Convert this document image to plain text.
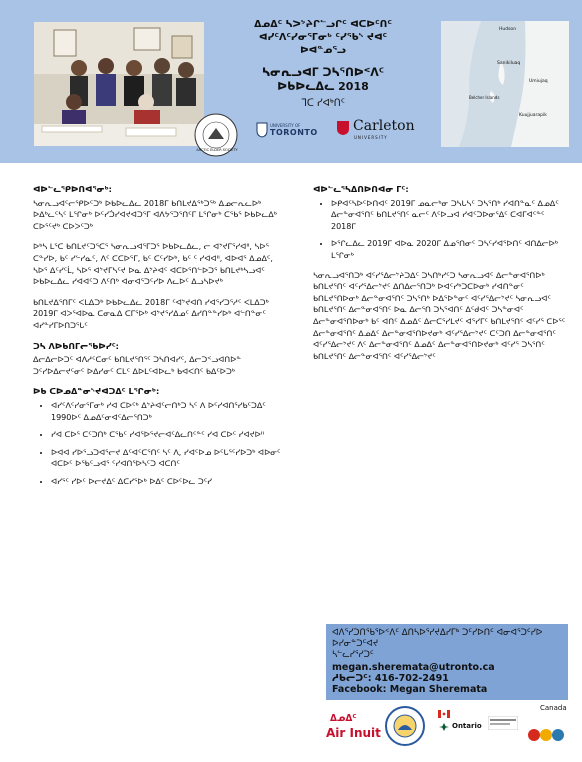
ᐃᓄᐃᑦ ᓴᐳᔾᔨᒋᓪᓗᒋᑦ ᐊᑕᐅᑦᑎᑦ
ᐊᓯᑦᐱᑦᓯᓂᕐᒥᓂᒃ ᑦᓯᖃᔅ ᔪᐊᑦ
ᐅᐊᓐᓄᕐᓗ
ᓴᓂᕆᓗᐊᒥ ᑐᓴᕐᑎᐅᑉᐱᑦ
ᐅᑲᐅᓚᐃᓚ 2018
ᒣᑕ ᓯᐊᒃᑎᑦ
ARCTIC ELDER SOCIETY
UNIVERSITY OF
TORONTO	Carleton
UNIVERSITY
Hudson
Sanikiluaq
Belcher Islands
Kuujjuarapik
Umiujaq
ᐊᐅᓪᓚᕐᑭᐅᑎᐊᕐᓂᒃ:

ᓴᓂᕆᓗᐊᑦᓕᕐᑭᐅᑦᑐᒃ ᐅᑲᐅᓚᐃᓚ 2018ᒥ ᑲᑎᒪᔪᐃᕐᒃᑐᕐᒃ ᐃᓄᓕᕆᓚᐅᒃ ᐅᐃᒃᓚᑦᓴᑦ ᒪᕐᒋᓂᒃ ᐅᑦᓯᑑᓯᐊᔪᐊᑐᕐᒥ ᐊᐱᔭᕐᑐᕐᑎᑦᒥ ᒪᕐᒋᓂᒃ ᑕᕐᑲᕐ ᐅᑲᐅᓚᐃᒃ ᑕᐅᕐᑦᔪᒃ ᑕᐅᐳᑦᑐᒃ

ᐅᒃᓴ ᒪᕐᑕ ᑲᑎᒪᔪᑦᑐᕐᑕᕐ ᓴᓂᕆᓗᐊᕐᒥᑐᕐ ᐅᑲᐅᓚᐃᓚ, ᓕ ᐊᔾᔪᒥᕐᓯᐊᐦ, ᓴᐅᕐ ᑕᓐᓯᐅ, ᑲᑦ ᓯᓪᓯᓇᑦ, ᐱᑦ ᑕᑕᐅᕐᒥ, ᑲᑦ ᑕᑦᓯᐅᒃ, ᑲᑦ ᑦ ᓯᐊᐊᐦ, ᐊᐅᐊᕐ ᐃᓄᐃᑦ, ᓴᐅᕐ ᐃᑦᓯᑦᒫ, ᓴᐅᕐ ᐊᔾᔪᒥᓴᑦᔪ ᐅᓇ ᐃᔾᔨᐊᑦ ᐊᑕᐅᕐᑎᓪᐅᑐᕐ ᑲᑎᒪᔪᒃᓴᓗᐊᑦ ᐅᑲᐅᓚᐃᓚ ᓯᐊᐊᑦᑐ ᐱᑦᑎᒃ ᐊᓂᐊᕐᑐᑦᓯᐅ ᐱᓚᐅᑦ ᐃᓗᓴᐅᔪᒃ

ᑲᑎᒪᔪᐃᕐᑎᒥᑦ ᐸᒪᐃᑐᒃ ᐅᑲᐅᓚᐃᓚ 2018ᒥ ᑦᐊᔾᔪᐊᑎ ᓯᐊᕐᓯᑐᕐᓱᑦ ᐸᒪᐃᑐᒃ 2019ᒥ ᐊᐳᕐᐊᐅᓇ ᑕᓂᓇᐃ ᑕᒥᕐᐅᒃ ᐊᔾᔪᕐᓯᐃᓄᑦ ᐃᓯᑎᓐᓐᓯᐅᒃ ᐊᓪᑎᓐᓂᑦ ᐊᓯᓐᓯᒥᐅᑎᑐᕐᒐᑦ

ᑐᓴ ᐱᐅᑲᑎᒥᓕᕐᑲᐅᓯᑦ:

ᐃᓕᐃᓕᐅᑐᑦ ᐊᐱᓱᑦᑕᓂᑦ ᑲᑎᒪᔪᕐᑎᕐᑦ ᑐᓴᑎᐊᓯᑦ, ᐃᓕᑐᑉᓗᐊᑎᐅᓐ ᑐᑦᓯᐅᐃᓕᔪᑦᓂᑦ ᐅᐃᓯᓂᑦ ᑕᒪᑦ ᐃᐅᒪᑦᐊᐅᓚᒃ ᑲᐊᐸᑎᑦ ᑲᐃᑦᐅᑐᒃ

ᐅᑲ ᑕᐅᓄᐃᓐᓂᔅᔪᐊᑐᐃᑦ ᒪᕐᒋᓂᒃ:
• ᐊᓯᑦᐱᑦᓯᓂᕐᒥᓂᒃ ᓯᐊ ᑕᐅᑦᒃ ᐃᔾᔨᐊᑦᓕᑎᒃᑐ ᓴᑦ ᐱ ᐅᑦᓯᐊᑎᕐᓯᑲᑦᑐᐃᑦ 1990ᐅᑦ ᐃᓄᐃᑦᓂᐊᑦᐃᓕᕐᑎᑐᒃ
• ᓯᐊ ᑕᐅᕐ ᑕᑦᑐᑎᒃ ᑕᕐᑲᑦ ᓯᐊᕐᐅᕐᔪᓕᐊᑦᐃᓚᑎᑦᓐᑦ ᓯᐊ ᑕᐅᑦ ᓯᐊᔪᐅᐦ
• ᐅᐊᐊ ᓯᐅᕐᓗᑐᐊᕐᓕᔪ ᐃᑦᐊᑦᑕᕐᑎᑦ ᓴᑦ ᐱ, ᓯᐊᑦᐅᓄ ᐅᑦᒐᕐᑦᓯᐅᑐᒃ ᐊᐅᓂᑦ ᐊᑕᐅᑦ ᐅᕐᑲᑦᓗᐊᕐ ᑦᓯᐊᑎᕐᐅᓴᑦᑐ ᐊᑕᑎᑦ
• ᐊᓯᕐᑦ ᓯᐅᑦ ᐅᓕᔪᐃᑦ ᐃᑕᓯᕐᐅᒃ ᐅᐃᑦ ᑕᐅᑦᐅᓚ ᑐᑦᓯ
ᐊᐅᓪᓚᕐᓴᐃᑎᐅᑎᐊᓂ ᒥᑦ:
• ᐅᑭᐊᑦᓴᐅᑦᐅᑎᐊᑦ 2019ᒥ ᓄᓇᓕᒃᓂ ᑐᓴᒐᓴᑦ ᑐᓴᕐᑎᒃ ᓯᐊᑎᓐᓇᑦ ᐃᓄᐃᑦ ᐃᓕᓐᓂᐊᕐᑎᑦ ᑲᑎᒪᔪᕐᑎᑦ ᓇᓕᑦ ᐱᑦᐅᓗᐊ ᓯᐊᑦᑐᐅᓂᕐᐃᑦ ᑕᐊᒥᐊᑦᓐᑦ 2018ᒥ
• ᐅᕐᒋᓚᐃᓚ 2019ᒥ ᐊᐅᓇ 2020ᒥ ᐃᓄᕐᑎᓂᑦ ᑐᓴᑦᓯᐊᕐᐅᑎᑦ ᐊᑎᐃᓕᐅᒃ ᒪᕐᒋᓂᒃ

ᓴᓂᕆᓗᐊᕐᑎᑐᒃ ᐊᑦᓯᕐᐃᓕᔾᔨᑐᐃᑦ ᑐᓴᑎᒃᓯᑦᑐ ᓴᓂᕆᓗᐊᑦ ᐃᓕᓐᓂᐊᕐᑎᐅᒃ ᑲᑎᒪᔪᕐᑎᑦ ᐊᑦᓯᕐᐃᓕᔾᔪᑦ ᐃᑎᐃᓕᕐᑎᑐᒃ ᐅᐊᑦᓯᒃᑐᑕᐅᓂᒃ ᓯᐊᑎᓐᓂᑦ ᑲᑎᒪᔪᕐᑎᐅᓂᒃ ᐃᓕᓐᓂᐊᕐᑎᑦ ᑐᓴᕐᑎᒃ ᐅᐃᕐᐅᓐᓂᑦ ᐊᑦᓯᕐᐃᓕᔾᔪᑦ ᓴᓂᕆᓗᐊᑦ ᑲᑎᒪᔪᕐᑎᑦ ᐃᓕᓐᓂᐊᕐᑎᑦ ᐅᓇ ᐃᓕᕐᑎ ᑐᓴᕐᐊᑎᑦ ᐃᑦᑯᐊᑦ ᑐᓴᓐᓂᐊᑦ ᐃᓕᓐᓂᐊᕐᑎᐅᓂᒃ ᑲᑦ ᐊᑎᑦ ᐃᓄᐃᑦ ᐃᓕᑕᕐᓯᒪᔪᑦ ᐊᕐᓯᒥᑦ ᑲᑎᒪᔪᕐᑎᑦ ᐊᑦᓯᕐ ᑕᐅᕐᑦ ᐃᓕᓐᓂᐊᕐᑎᑦ ᐃᓄᐃᑦ ᐃᓕᓐᓂᐊᕐᑎᐅᔪᓂᒃ ᐊᑦᓯᕐᐃᓕᔾᔪᑦ ᑕᑦᑐᑎ ᐃᓕᓐᓂᐊᕐᑎᑦ ᐊᑦᓯᕐᐃᓕᔾᔪᑦ ᐱᑦ ᐃᓕᓐᓂᐊᕐᑎᑦ ᐃᓄᐃᑦ ᐃᓕᓐᓂᐊᕐᑎᐅᔪᓂᒃ ᐊᑦᓯᕐ ᑐᓴᕐᑎᑦ ᑲᑎᒪᔪᕐᑎᑦ ᐃᓕᓐᓂᐊᕐᑎᑦ ᐊᑦᓯᕐᐃᓕᔾᔪᑦ

ᐊᐱᕐᓯᑐᑎᖃᕐᐅᑉᐱᑦ ᐃᑎᓴᐅᕐᓯᔪᐃᓯᒥᒃ ᑐᑦᓯᐅᑎᑦ ᐊᓂᐊᕐᑐᑦᓯᐅ ᐅᓯᓂᓐᑐᑦᐊᔪ
ᓴᓪᓚᓯᕐᓯᑐᑦ
megan.sheremata@utronto.ca
ᓱᑲᓕᑐᑦ: 416-702-2491
Facebook: Megan Sheremata
ᐃᓄᐃᑦ
Air Inuit	Ontario
Canada
